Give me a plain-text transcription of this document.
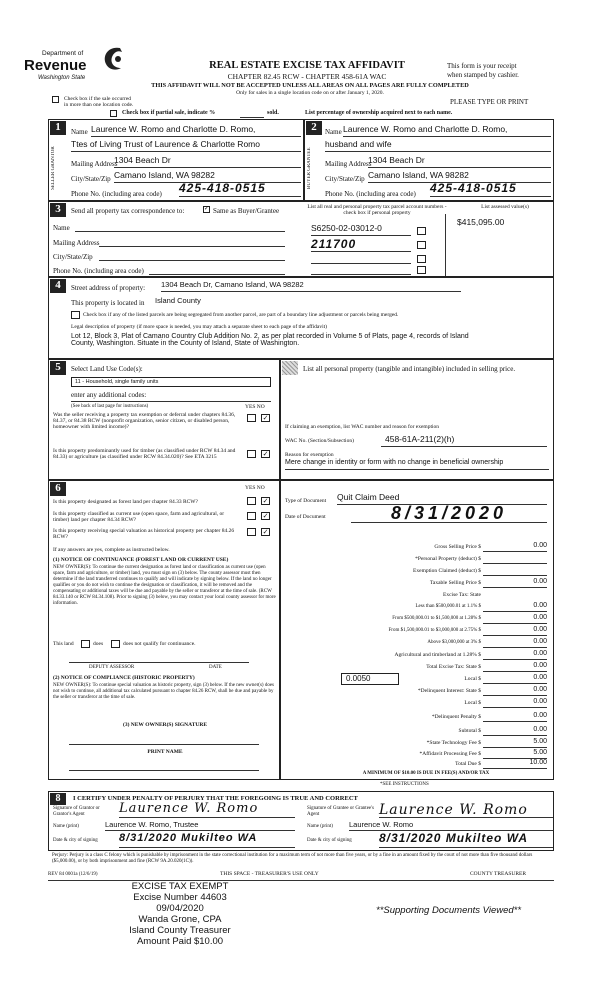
Department of
Revenue
Washington State
REAL ESTATE EXCISE TAX AFFIDAVIT
CHAPTER 82.45 RCW - CHAPTER 458-61A WAC
This form is your receipt
when stamped by cashier.
THIS AFFIDAVIT WILL NOT BE ACCEPTED UNLESS ALL AREAS ON ALL PAGES ARE FULLY COMPLETED
Only for sales in a single location code on or after January 1, 2020.
PLEASE TYPE OR PRINT
Check box if the sale occurred
in more than one location code.
Check box if partial sale, indicate %	sold.	List percentage of ownership acquired next to each name.
1
SELLER GRANTOR
Name Laurence W. Romo and Charlotte D. Romo,
Ttes of Living Trust of Laurence & Charlotte Romo
Mailing Address
1304 Beach Dr
City/State/Zip Camano Island, WA 98282
Phone No. (including area code) 425-418-0515
2
BUYER GRANTEE
Name Laurence W. Romo and Charlotte D. Romo,
husband and wife
Mailing Address
1304 Beach Dr
City/State/Zip Camano Island, WA 98282
Phone No. (including area code) 425-418-0515
3	Send all property tax correspondence to:	✓ Same as Buyer/Grantee
Name
Mailing Address
City/State/Zip
Phone No. (including area code)
List all real and personal property tax parcel account numbers - check box if personal property
List assessed value(s)
S6250-02-03012-0
211700
$415,095.00
4	Street address of property: 1304 Beach Dr, Camano Island, WA 98282
This property is located in Island County
Check box if any of the listed parcels are being segregated from another parcel, are part of a boundary line adjustment or parcels being merged.
Legal description of property (if more space is needed, you may attach a separate sheet to each page of the affidavit)
Lot 12, Block 3, Plat of Camano Country Club Addition No. 2, as per plat recorded in Volume 5 of Plats, page 4, records of Island County, Washington. Situate in the County of Island, State of Washington.
5	Select Land Use Code(s):
11 - Household, single family units
enter any additional codes:
(See back of last page for instructions)	YES NO
Was the seller receiving a property tax exemption or deferral under chapters 84.36, 84.37, or 84.38 RCW (nonprofit organization, senior citizen, or disabled person, homeowner with limited income)?
✓
Is this property predominantly used for timber (as classified under RCW 84.34 and 84.33) or agriculture (as classified under RCW 84.34.020)? See ETA 3215	✓
List all personal property (tangible and intangible) included in selling price.
If claiming an exemption, list WAC number and reason for exemption
WAC No. (Section/Subsection)	458-61A-211(2)(h)
Reason for exemption
Mere change in identity or form with no change in beneficial ownership
6	YES NO
Is this property designated as forest land per chapter 84.33 RCW?	✓
Is this property classified as current use (open space, farm and agricultural, or timber) land per chapter 84.34 RCW?
✓
Is this property receiving special valuation as historical property per chapter 84.26 RCW?
✓
If any answers are yes, complete as instructed below.
(1) NOTICE OF CONTINUANCE (FOREST LAND OR CURRENT USE)
NEW OWNER(S): To continue the current designation as forest land or classification as current use (open space, farm and agriculture, or timber) land, you must sign on (3) below. The county assessor must then determine if the land transferred continues to qualify and will indicate by signing below. If the land no longer qualifies or you do not wish to continue the designation or classification, it will be removed and the compensating or additional taxes will be due and payable by the seller or transferor at the time of sale. (RCW 84.33.140 or RCW 84.34.108). Prior to signing (3) below, you may contact your local county assessor for more information.
This land	does	does not qualify for continuance.
DEPUTY ASSESSOR	DATE
(2) NOTICE OF COMPLIANCE (HISTORIC PROPERTY)
NEW OWNER(S): To continue special valuation as historic property, sign (3) below. If the new owner(s) does not wish to continue, all additional tax calculated pursuant to chapter 84.26 RCW, shall be due and payable by the seller or transferor at the time of sale.
(3) NEW OWNER(S) SIGNATURE
PRINT NAME
Type of Document Quit Claim Deed
Date of Document	8/31/2020
Gross Selling Price $	0.00
*Personal Property (deduct) $
Exemption Claimed (deduct) $
Taxable Selling Price $	0.00
Excise Tax: State
Less than $500,000.01 at 1.1% $	0.00
From $500,000.01 to $1,500,000 at 1.28% $	0.00
From $1,500,000.01 to $3,000,000 at 2.75% $	0.00
Above $3,000,000 at 3% $	0.00
Agricultural and timberland at 1.28% $	0.00
Total Excise Tax: State $	0.00
0.0050	Local $	0.00
*Delinquent Interest: State $	0.00
Local $	0.00
*Delinquent Penalty $	0.00
Subtotal $	0.00
*State Technology Fee $	5.00
*Affidavit Processing Fee $	5.00
Total Due $	10.00
A MINIMUM OF $10.00 IS DUE IN FEE(S) AND/OR TAX
*SEE INSTRUCTIONS
8	I CERTIFY UNDER PENALTY OF PERJURY THAT THE FOREGOING IS TRUE AND CORRECT
Signature of Grantor or Grantor's Agent	Laurence W. Romo	Signature of Grantee or Grantee's Agent	Laurence W. Romo
Name (print)	Laurence W. Romo, Trustee	Name (print) Laurence W. Romo
Date & city of signing 8/31/2020 Mukilteo WA	Date & city of signing 8/31/2020 Mukilteo WA
Perjury: Perjury is a class C felony which is punishable by imprisonment in the state correctional institution for a maximum term of not more than five years, or by a fine in an amount fixed by the court of not more than five thousand dollars ($5,000.00), or by both imprisonment and fine (RCW 9A.20.020(1C)).
REV 84 0001a (12/6/19)	THIS SPACE - TREASURER'S USE ONLY	COUNTY TREASURER
EXCISE TAX EXEMPT
Excise Number 44603
09/04/2020
Wanda Grone, CPA
Island County Treasurer
Amount Paid $10.00
**Supporting Documents Viewed**
